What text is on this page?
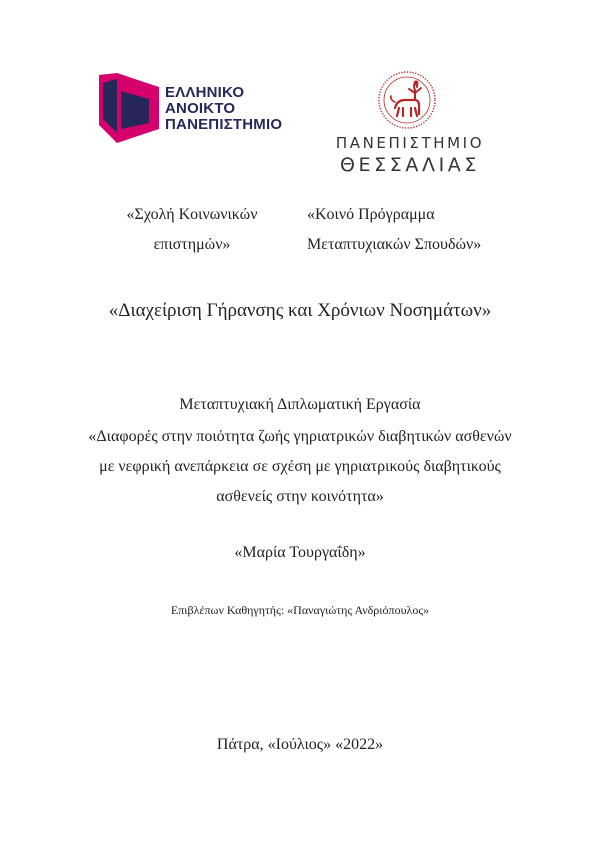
ΕΛΛΗΝΙΚΟ
ΑΝΟΙΚΤΟ
ΠΑΝΕΠΙΣΤΗΜΙΟ
ΠΑΝΕΠΙΣΤΗΜΙΟ
ΘΕΣΣΑΛΙΑΣ
«Σχολή Κοινωνικών
επιστημών»
«Κοινό Πρόγραμμα
Μεταπτυχιακών Σπουδών»
«Διαχείριση Γήρανσης και Χρόνιων Νοσημάτων»
Μεταπτυχιακή Διπλωματική Εργασία
«Διαφορές στην ποιότητα ζωής γηριατρικών διαβητικών ασθενών
με νεφρική ανεπάρκεια σε σχέση με γηριατρικούς διαβητικούς
ασθενείς στην κοινότητα»
«Μαρία Τουργαΐδη»
Επιβλέπων Καθηγητής: «Παναγιώτης Ανδριόπουλος»
Πάτρα, «Ιούλιος» «2022»
